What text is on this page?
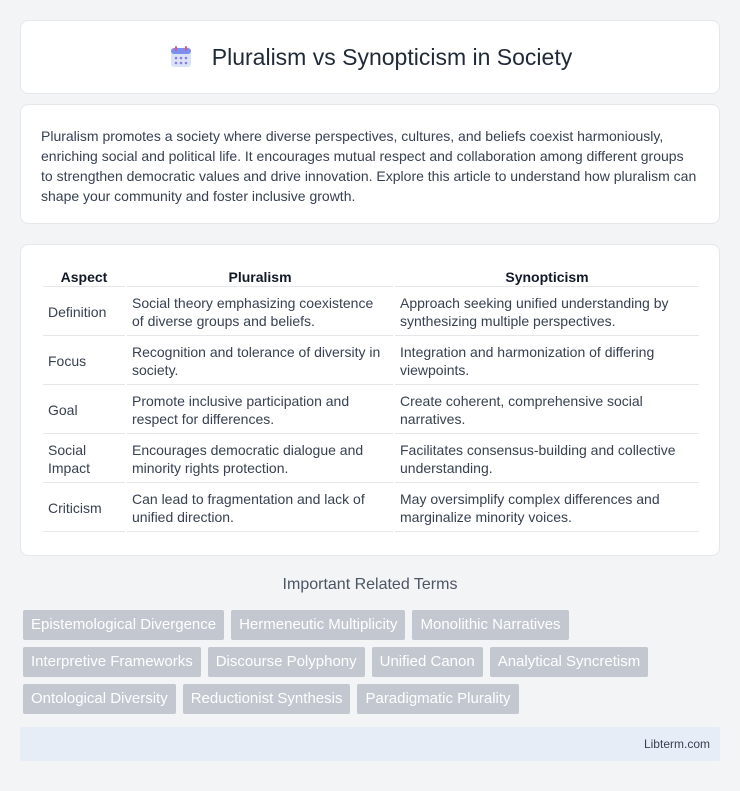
Pluralism vs Synopticism in Society

Pluralism promotes a society where diverse perspectives, cultures, and beliefs coexist harmoniously, enriching social and political life. It encourages mutual respect and collaboration among different groups to strengthen democratic values and drive innovation. Explore this article to understand how pluralism can shape your community and foster inclusive growth.

Aspect	Pluralism	Synopticism
Definition	Social theory emphasizing coexistence of diverse groups and beliefs.	Approach seeking unified understanding by synthesizing multiple perspectives.
Focus	Recognition and tolerance of diversity in society.	Integration and harmonization of differing viewpoints.
Goal	Promote inclusive participation and respect for differences.	Create coherent, comprehensive social narratives.
Social Impact	Encourages democratic dialogue and minority rights protection.	Facilitates consensus-building and collective understanding.
Criticism	Can lead to fragmentation and lack of unified direction.	May oversimplify complex differences and marginalize minority voices.
Important Related Terms
Epistemological Divergence	Hermeneutic Multiplicity	Monolithic Narratives
Interpretive Frameworks	Discourse Polyphony	Unified Canon	Analytical Syncretism
Ontological Diversity	Reductionist Synthesis	Paradigmatic Plurality
Libterm.com
